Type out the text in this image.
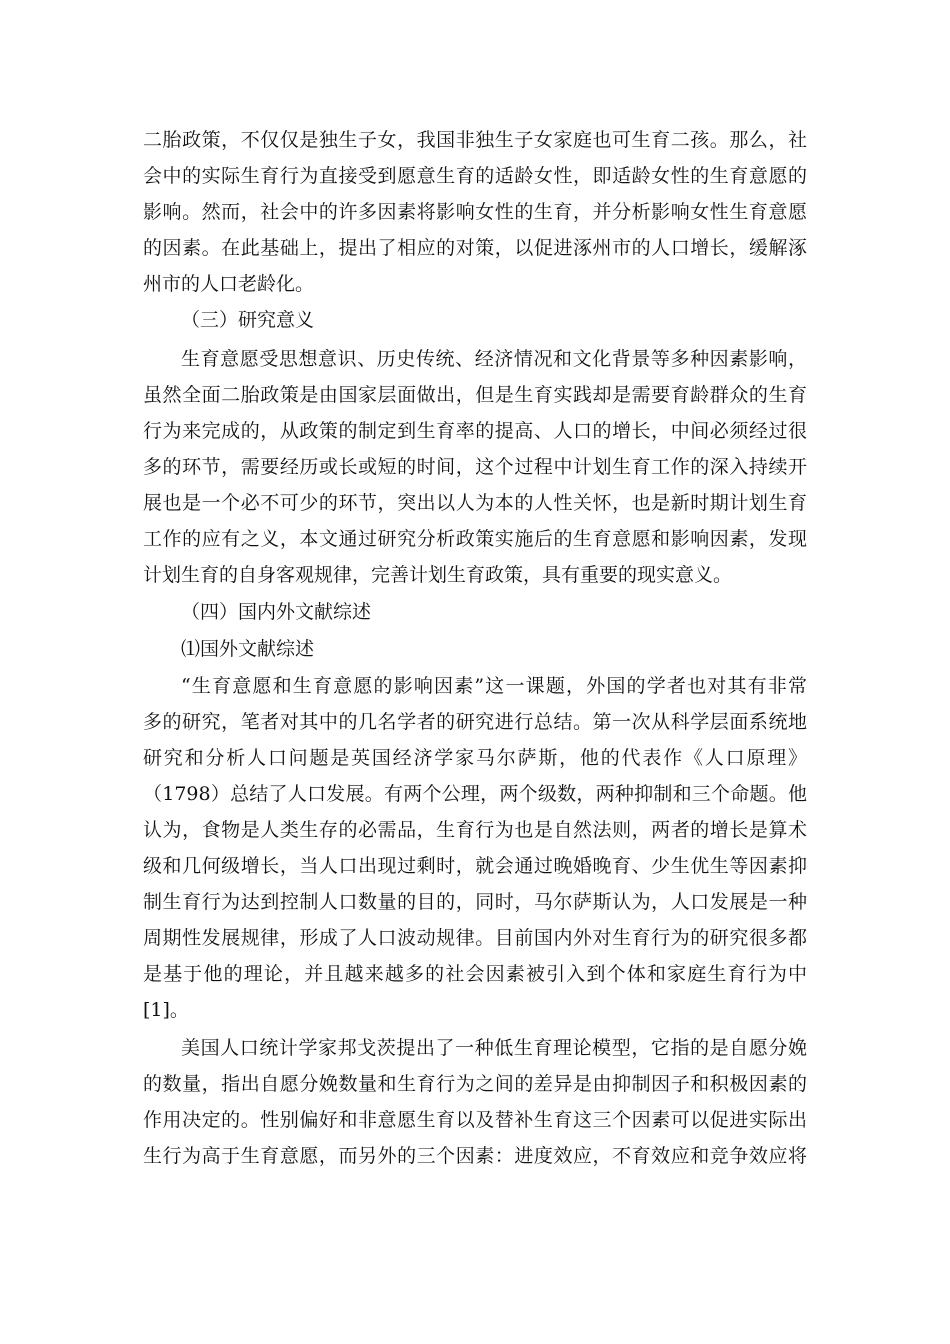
二胎政策，不仅仅是独生子女，我国非独生子女家庭也可生育二孩。那么，社
会中的实际生育行为直接受到愿意生育的适龄女性，即适龄女性的生育意愿的
影响。然而，社会中的许多因素将影响女性的生育，并分析影响女性生育意愿
的因素。在此基础上，提出了相应的对策，以促进涿州市的人口增长，缓解涿
州市的人口老龄化。
（三）研究意义
生育意愿受思想意识、历史传统、经济情况和文化背景等多种因素影响，
虽然全面二胎政策是由国家层面做出，但是生育实践却是需要育龄群众的生育
行为来完成的，从政策的制定到生育率的提高、人口的增长，中间必须经过很
多的环节，需要经历或长或短的时间，这个过程中计划生育工作的深入持续开
展也是一个必不可少的环节，突出以人为本的人性关怀，也是新时期计划生育
工作的应有之义，本文通过研究分析政策实施后的生育意愿和影响因素，发现
计划生育的自身客观规律，完善计划生育政策，具有重要的现实意义。
（四）国内外文献综述
⑴国外文献综述
“生育意愿和生育意愿的影响因素”这一课题，外国的学者也对其有非常
多的研究，笔者对其中的几名学者的研究进行总结。第一次从科学层面系统地
研究和分析人口问题是英国经济学家马尔萨斯，他的代表作《人口原理》
（1798）总结了人口发展。有两个公理，两个级数，两种抑制和三个命题。他
认为，食物是人类生存的必需品，生育行为也是自然法则，两者的增长是算术
级和几何级增长，当人口出现过剩时，就会通过晚婚晚育、少生优生等因素抑
制生育行为达到控制人口数量的目的，同时，马尔萨斯认为，人口发展是一种
周期性发展规律，形成了人口波动规律。目前国内外对生育行为的研究很多都
是基于他的理论，并且越来越多的社会因素被引入到个体和家庭生育行为中
[1]。
美国人口统计学家邦戈茨提出了一种低生育理论模型，它指的是自愿分娩
的数量，指出自愿分娩数量和生育行为之间的差异是由抑制因子和积极因素的
作用决定的。性别偏好和非意愿生育以及替补生育这三个因素可以促进实际出
生行为高于生育意愿，而另外的三个因素：进度效应，不育效应和竞争效应将
